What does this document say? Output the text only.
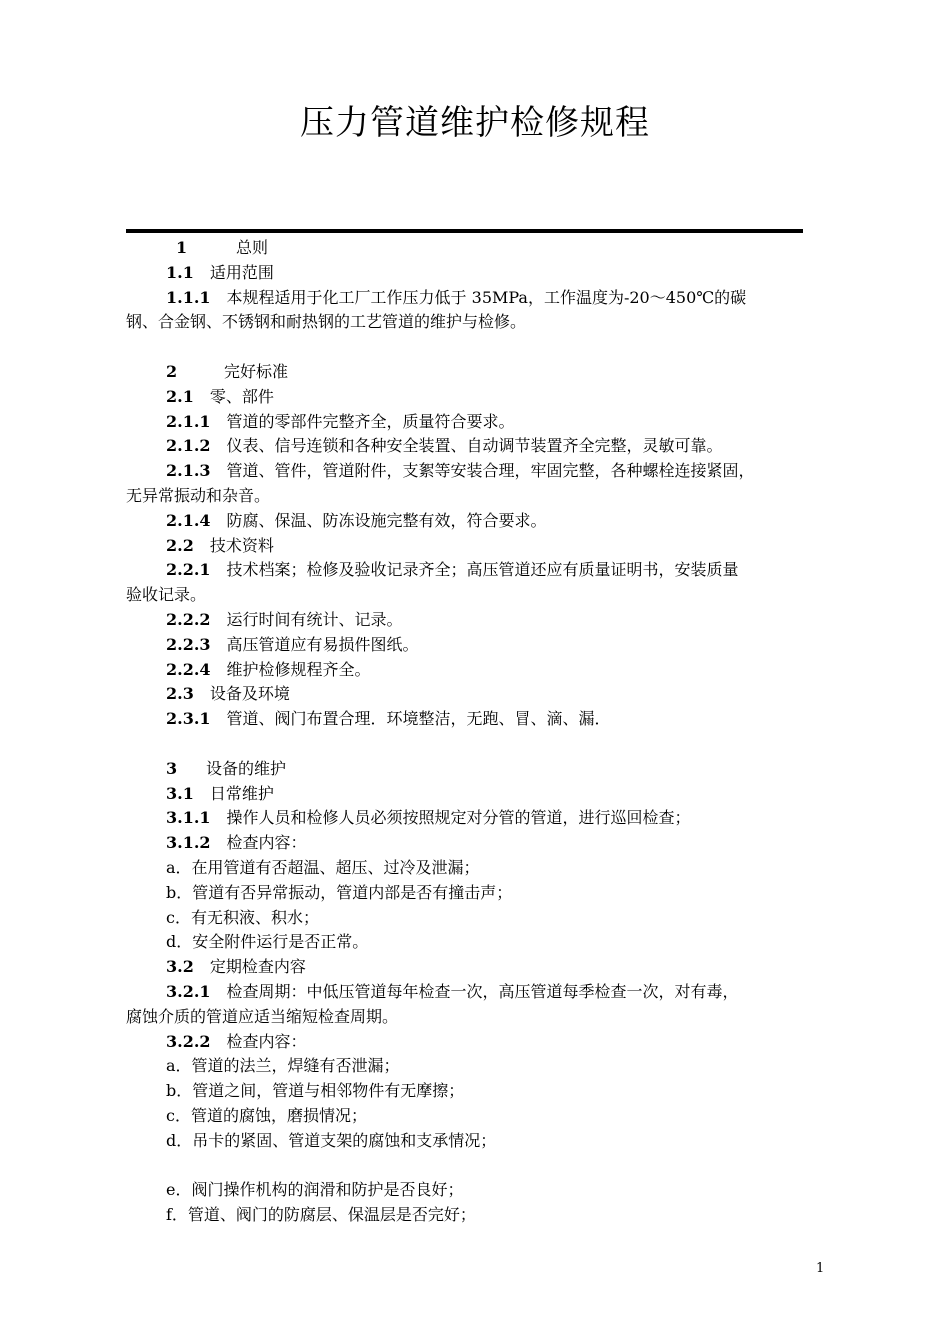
压力管道维护检修规程
1	总则
1.1 适用范围
1.1.1 本规程适用于化工厂工作压力低于 35MPa，工作温度为-20～450℃的碳
钢、合金钢、不锈钢和耐热钢的工艺管道的维护与检修。
2	完好标准
2.1 零、部件
2.1.1 管道的零部件完整齐全，质量符合要求。
2.1.2 仪表、信号连锁和各种安全装置、自动调节装置齐全完整，灵敏可靠。
2.1.3 管道、管件，管道附件，支絮等安装合理，牢固完整，各种螺栓连接紧固，
无异常振动和杂音。
2.1.4 防腐、保温、防冻设施完整有效，符合要求。
2.2 技术资料
2.2.1 技术档案；检修及验收记录齐全；高压管道还应有质量证明书，安装质量
验收记录。
2.2.2 运行时间有统计、记录。
2.2.3 高压管道应有易损件图纸。
2.2.4 维护检修规程齐全。
2.3 设备及环境
2.3.1 管道、阀门布置合理．环境整洁，无跑、冒、滴、漏．
3 设备的维护
3.1 日常维护
3.1.1 操作人员和检修人员必须按照规定对分管的管道，进行巡回检查；
3.1.2 检查内容：
a．在用管道有否超温、超压、过冷及泄漏；
b．管道有否异常振动，管道内部是否有撞击声；
c．有无积液、积水；
d．安全附件运行是否正常。
3.2 定期检查内容
3.2.1 检查周期：中低压管道每年检查一次，高压管道每季检查一次，对有毒，
腐蚀介质的管道应适当缩短检查周期。
3.2.2 检查内容：
a．管道的法兰，焊缝有否泄漏；
b．管道之间，管道与相邻物件有无摩擦；
c．管道的腐蚀，磨损情况；
d．吊卡的紧固、管道支架的腐蚀和支承情况；
e．阀门操作机构的润滑和防护是否良好；
f．管道、阀门的防腐层、保温层是否完好；
1
